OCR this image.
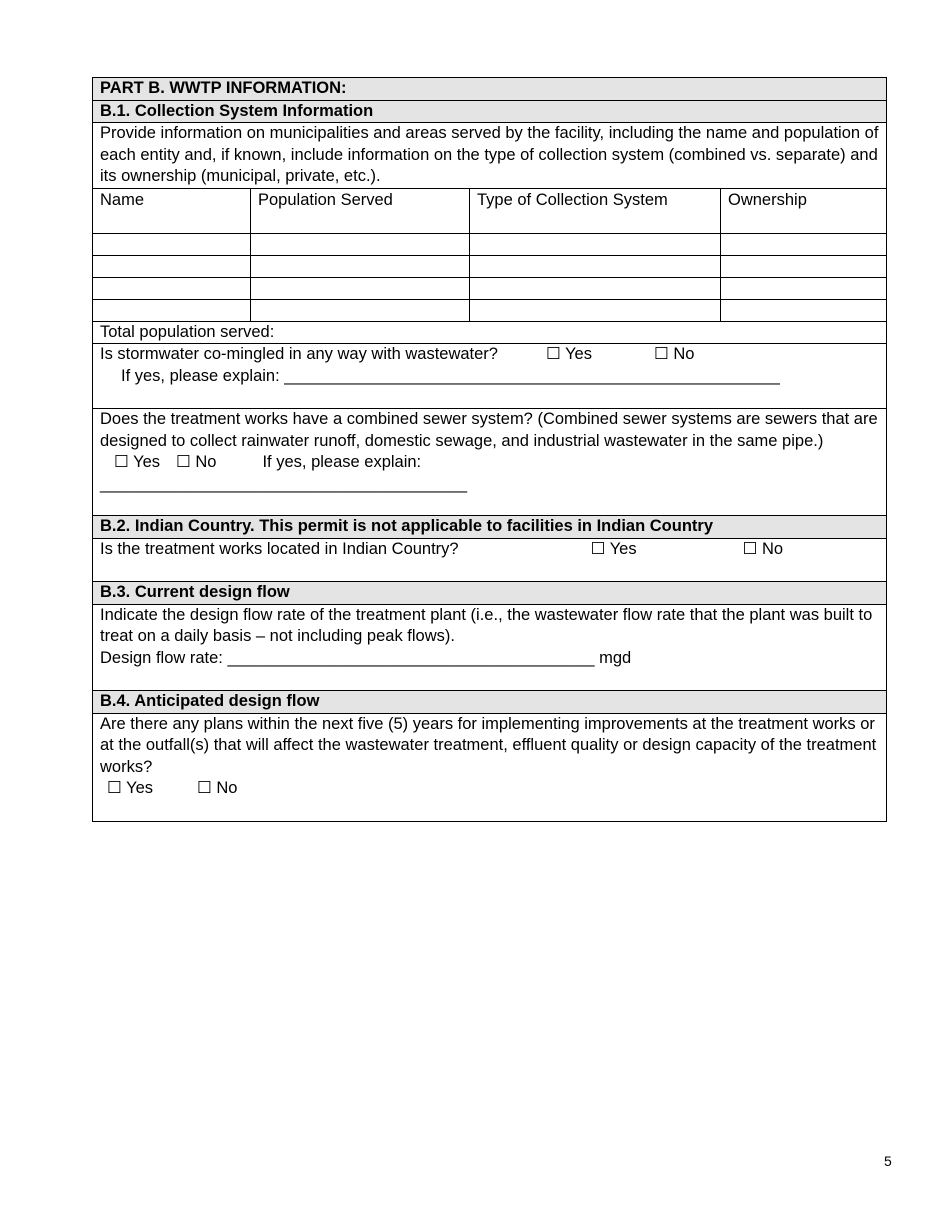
PART B. WWTP INFORMATION:			
B.1. Collection System Information			
Provide information on municipalities and areas served by the facility, including the name and population of each entity and, if known, include information on the type of collection system (combined vs. separate) and its ownership (municipal, private, etc.).			
Name	Population Served	Type of Collection System	Ownership

Total population served:			

Is stormwater co-mingled in any way with wastewater? ☐ Yes ☐ No
If yes, please explain: ______________________________________________________			

Does the treatment works have a combined sewer system? (Combined sewer systems are sewers that are designed to collect rainwater runoff, domestic sewage, and industrial wastewater in the same pipe.)
☐ Yes ☐ No If yes, please explain:
________________________________________			

B.2. Indian Country. This permit is not applicable to facilities in Indian Country			
Is the treatment works located in Indian Country? ☐ Yes ☐ No			
B.3. Current design flow			

Indicate the design flow rate of the treatment plant (i.e., the wastewater flow rate that the plant was built to treat on a daily basis – not including peak flows).
Design flow rate: ________________________________________ mgd			

B.4. Anticipated design flow			

Are there any plans within the next five (5) years for implementing improvements at the treatment works or at the outfall(s) that will affect the wastewater treatment, effluent quality or design capacity of the treatment works?
☐ Yes ☐ No			
5
